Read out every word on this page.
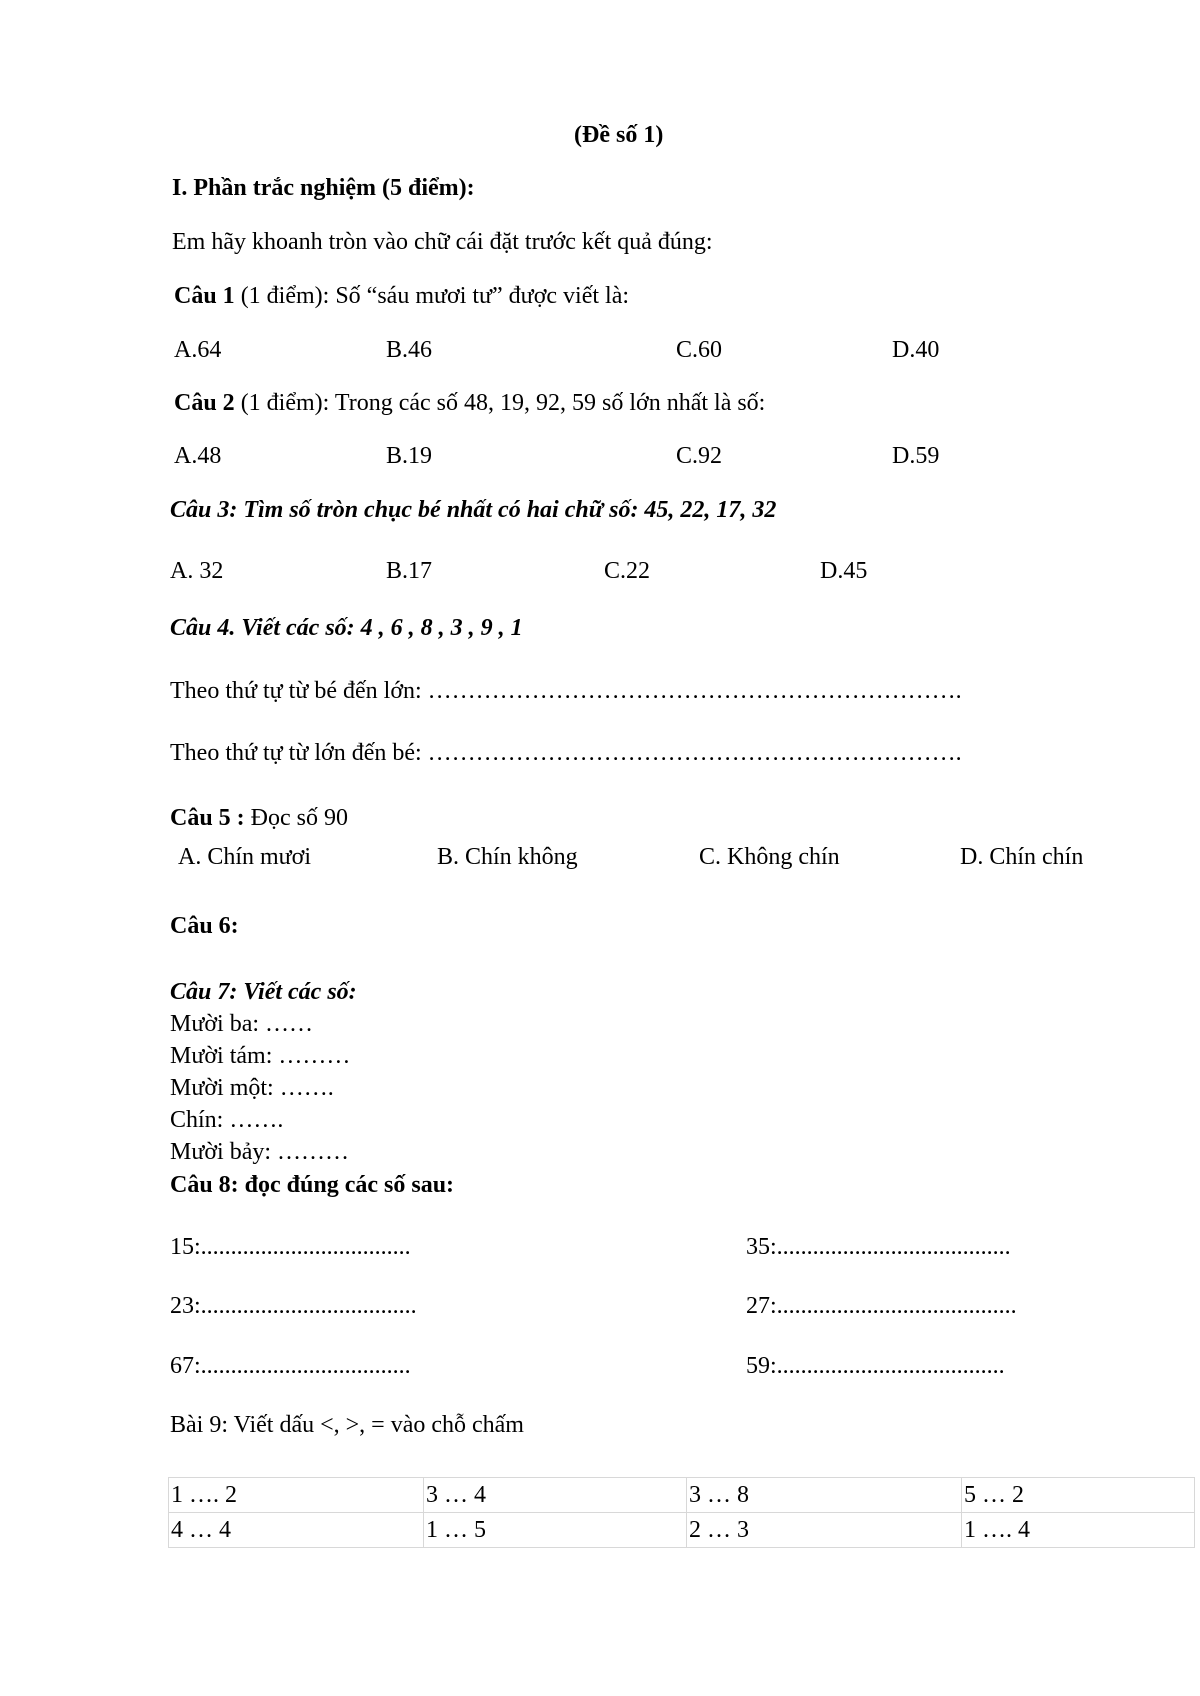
(Đề số 1)
I. Phần trắc nghiệm (5 điểm):
Em hãy khoanh tròn vào chữ cái đặt trước kết quả đúng:
Câu 1 (1 điểm): Số “sáu mươi tư” được viết là:
A.64	B.46	C.60	D.40
Câu 2 (1 điểm): Trong các số 48, 19, 92, 59 số lớn nhất là số:
A.48	B.19	C.92	D.59
Câu 3: Tìm số tròn chục bé nhất có hai chữ số: 45, 22, 17, 32
A. 32	B.17	C.22	D.45
Câu 4. Viết các số: 4 , 6 , 8 , 3 , 9 , 1
Theo thứ tự từ bé đến lớn: ………………………………………………………….
Theo thứ tự từ lớn đến bé: ………………………………………………………….
Câu 5 : Đọc số 90
A. Chín mươi	B. Chín không	C. Không chín	D. Chín chín
Câu 6:
Câu 7: Viết các số:
Mười ba: ……
Mười tám: ………
Mười một: …….
Chín: …….
Mười bảy: ………
Câu 8: đọc đúng các số sau:
15:...................................	35:.......................................
23:....................................	27:........................................
67:...................................	59:......................................
Bài 9: Viết dấu <, >, = vào chỗ chấm
1 …. 2	3 … 4	3 … 8	5 … 2
4 … 4	1 … 5	2 … 3	1 …. 4
